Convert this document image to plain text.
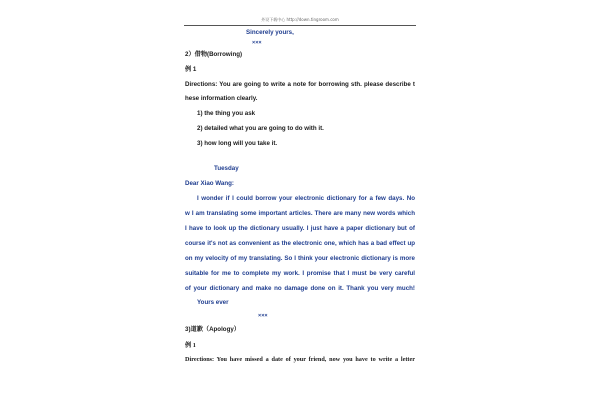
外设下载中心 http://down.tingroom.com
Sincerely yours,
×××
2）借物(Borrowing)
例 1
Directions: You are going to write a note for borrowing sth. please describe t
hese information clearly.
1) the thing you ask
2) detailed what you are going to do with it.
3) how long will you take it.
Tuesday
Dear Xiao Wang:
I wonder if I could borrow your electronic dictionary for a few days. No
w I am translating some important articles. There are many new words which
I have to look up the dictionary usually. I just have a paper dictionary but of
course it's not as convenient as the electronic one, which has a bad effect up
on my velocity of my translating. So I think your electronic dictionary is more
suitable for me to complete my work. I promise that I must be very careful
of your dictionary and make no damage done on it. Thank you very much!
Yours ever
×××
3)道歉（Apology）
例 1
Directions: You have missed a date of your friend, now you have to write a letter
